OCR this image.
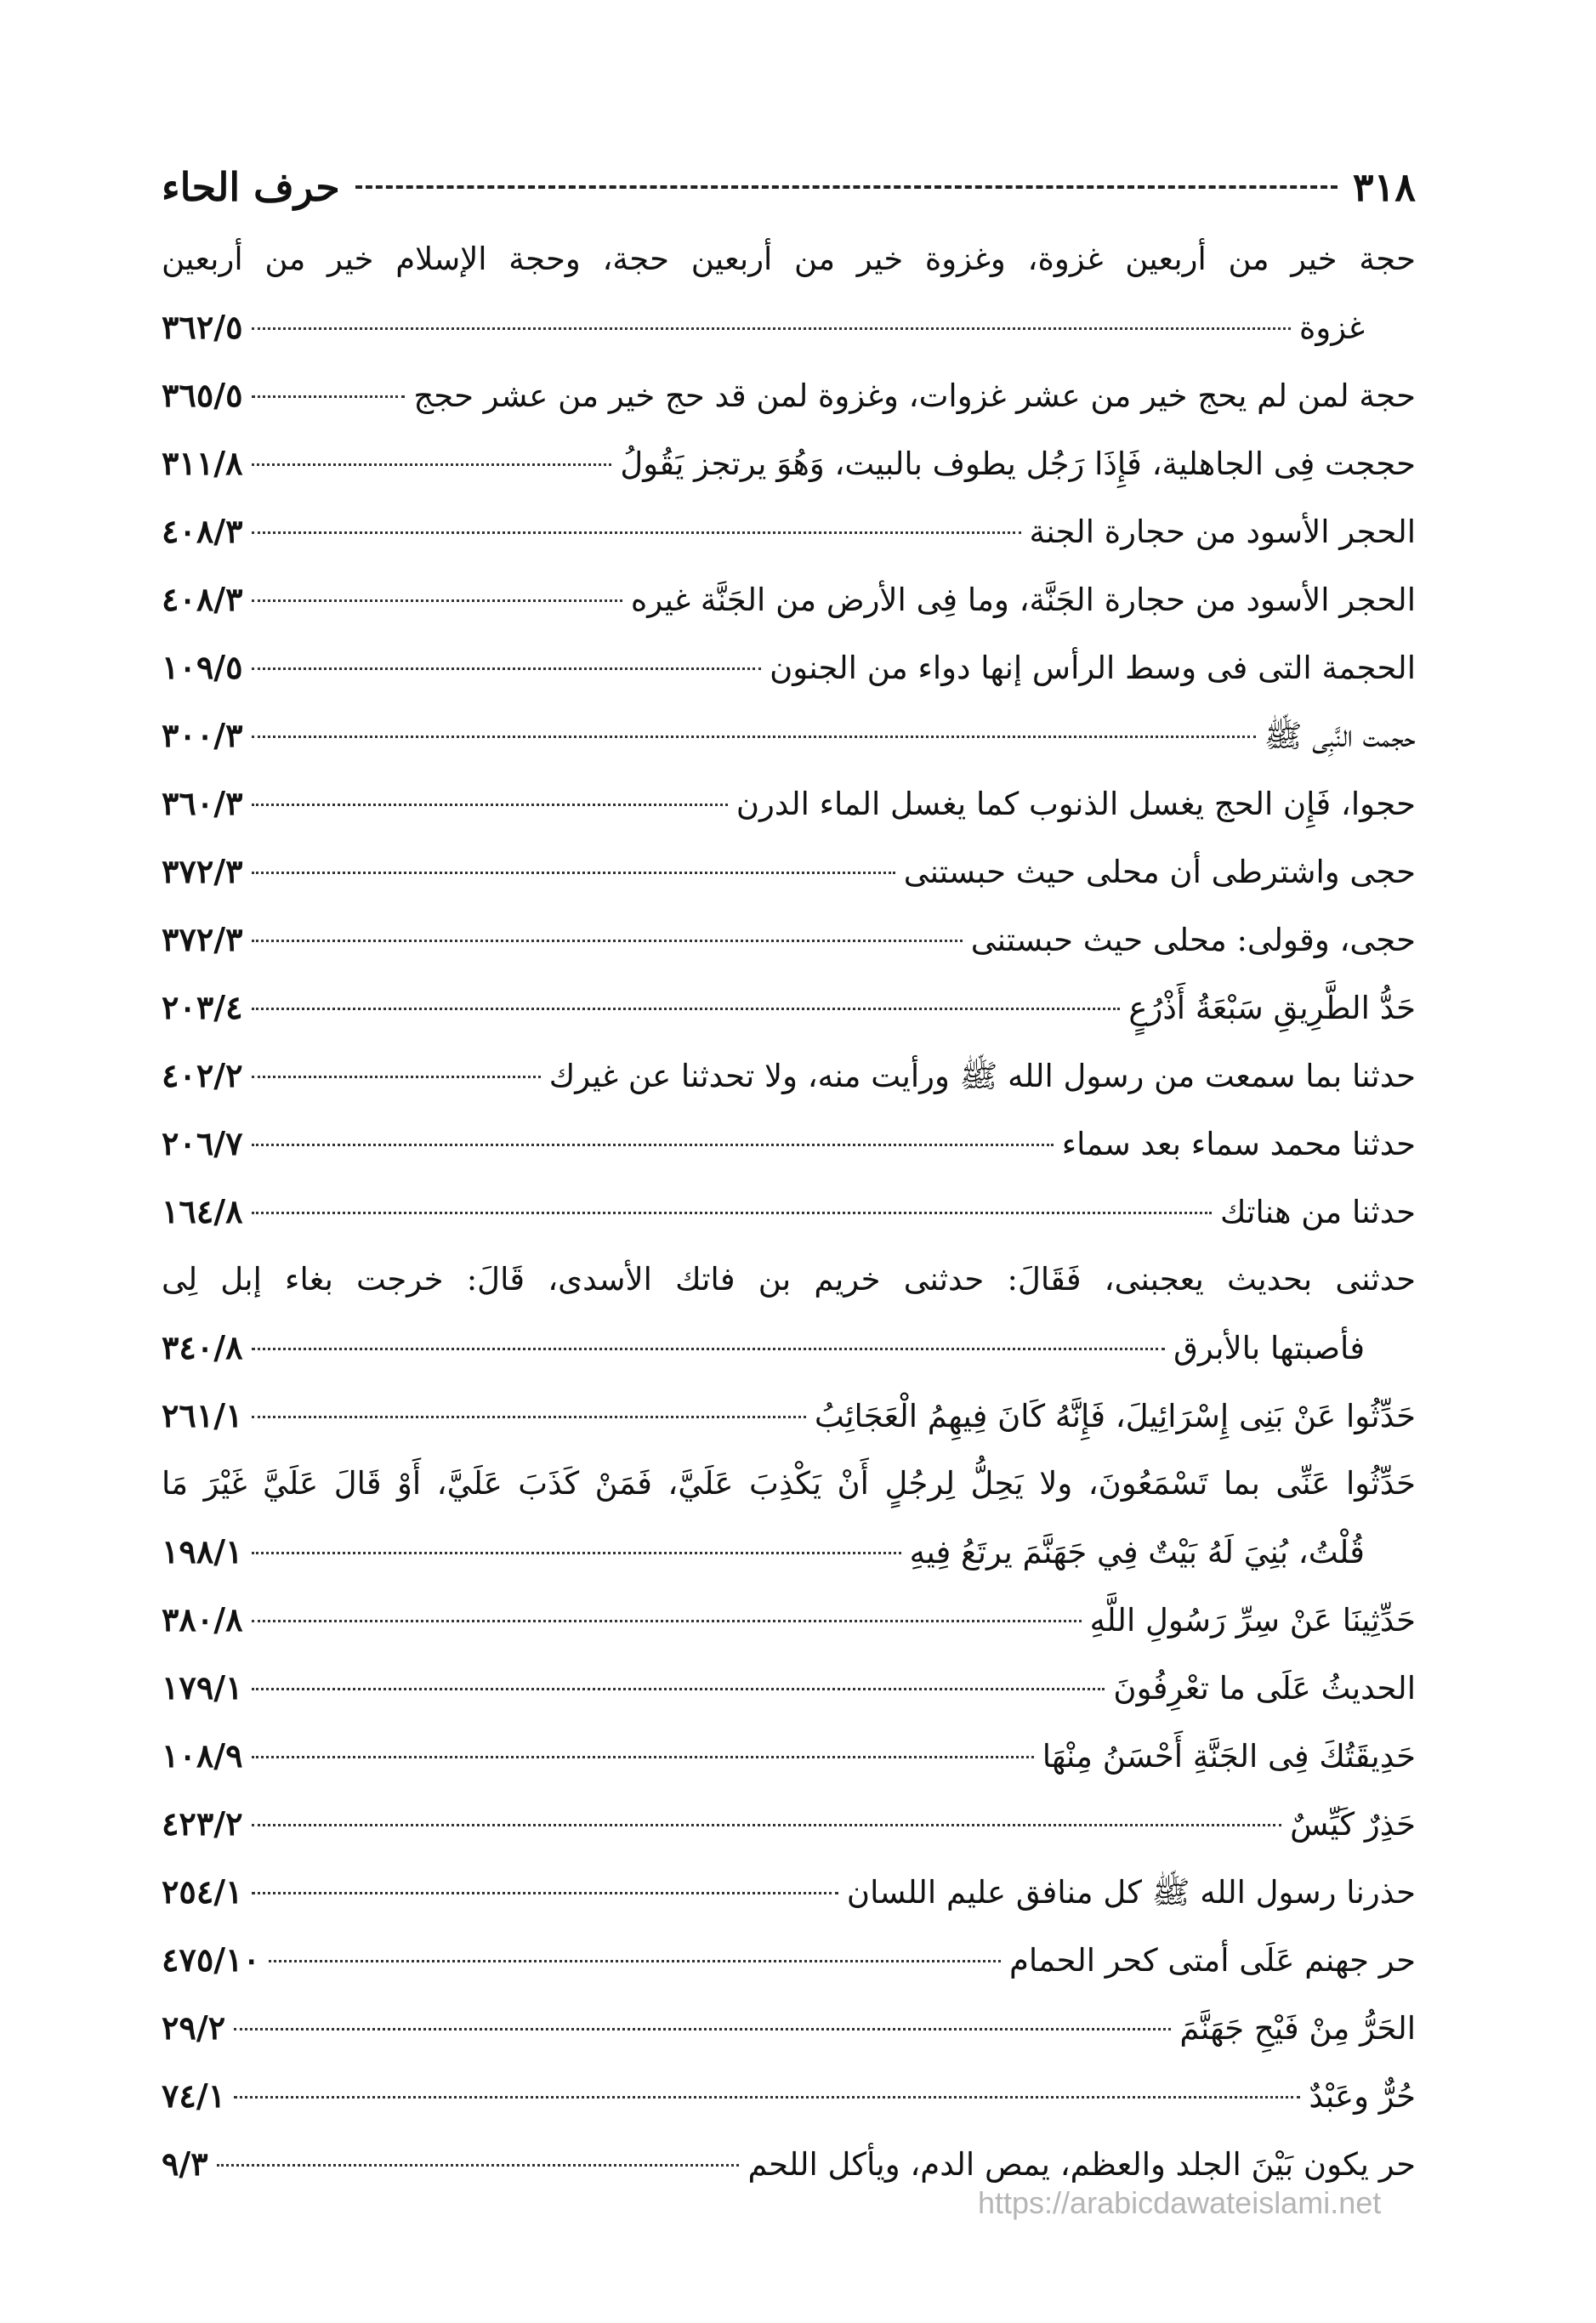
٣١٨
حرف الحاء
حجة خير من أربعين غزوة، وغزوة خير من أربعين حجة، وحجة الإسلام خير من أربعين
غزوة
٣٦٢/٥
حجة لمن لم يحج خير من عشر غزوات، وغزوة لمن قد حج خير من عشر حجج
٣٦٥/٥
حججت فِى الجاهلية، فَإِذَا رَجُل يطوف بالبيت، وَهُوَ يرتجز يَقُولُ
٣١١/٨
الحجر الأسود من حجارة الجنة
٤٠٨/٣
الحجر الأسود من حجارة الجَنَّة، وما فِى الأرض من الجَنَّة غيره
٤٠٨/٣
الحجمة التى فى وسط الرأس إنها دواء من الجنون
١٠٩/٥
حجمت النَّبِى ﷺ
٣٠٠/٣
حجوا، فَإِن الحج يغسل الذنوب كما يغسل الماء الدرن
٣٦٠/٣
حجى واشترطى أن محلى حيث حبستنى
٣٧٢/٣
حجى، وقولى: محلى حيث حبستنى
٣٧٢/٣
حَدُّ الطَّرِيقِ سَبْعَةُ أَذْرُعٍ
٢٠٣/٤
حدثنا بما سمعت من رسول الله ﷺ ورأيت منه، ولا تحدثنا عن غيرك
٤٠٢/٢
حدثنا محمد سماء بعد سماء
٢٠٦/٧
حدثنا من هناتك
١٦٤/٨
حدثنى بحديث يعجبنى، فَقَالَ: حدثنى خريم بن فاتك الأسدى، قَالَ: خرجت بغاء إبل لِى
فأصبتها بالأبرق
٣٤٠/٨
حَدِّثُوا عَنْ بَنِى إِسْرَائِيلَ، فَإِنَّهُ كَانَ فِيهِمُ الْعَجَائِبُ
٢٦١/١
حَدِّثُوا عَنِّى بما تَسْمَعُونَ، ولا يَحِلُّ لِرجُلٍ أَنْ يَكْذِبَ عَلَيَّ، فَمَنْ كَذَبَ عَلَيَّ، أَوْ قَالَ عَلَيَّ غَيْرَ مَا
قُلْتُ، بُنِيَ لَهُ بَيْتٌ فِي جَهَنَّمَ يرتَعُ فِيهِ
١٩٨/١
حَدِّثِينَا عَنْ سِرِّ رَسُولِ اللَّهِ
٣٨٠/٨
الحديثُ عَلَى ما تعْرِفُونَ
١٧٩/١
حَدِيقَتُكَ فِى الجَنَّةِ أَحْسَنُ مِنْهَا
١٠٨/٩
حَذِرٌ كَيِّسٌ
٤٢٣/٢
حذرنا رسول الله ﷺ كل منافق عليم اللسان
٢٥٤/١
حر جهنم عَلَى أمتى كحر الحمام
٤٧٥/١٠
الحَرُّ مِنْ فَيْحِ جَهَنَّمَ
٢٩/٢
حُرٌّ وعَبْدٌ
٧٤/١
حر يكون بَيْنَ الجلد والعظم، يمص الدم، ويأكل اللحم
٩/٣
https://arabicdawateislami.net
